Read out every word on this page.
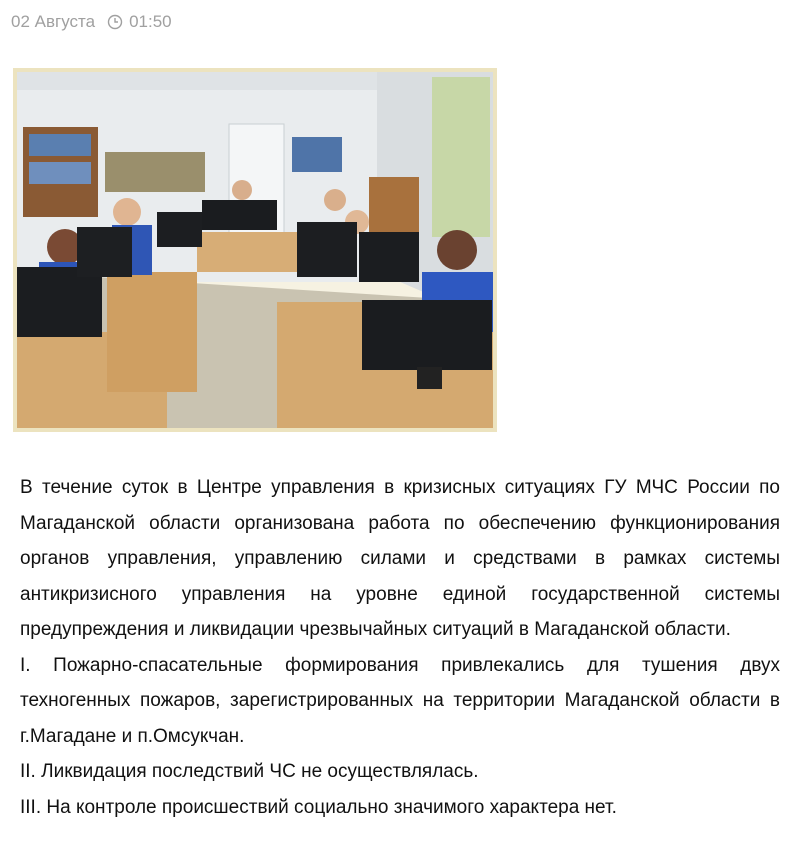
02 Августа 01:50

В течение суток в Центре управления в кризисных ситуациях ГУ МЧС России по Магаданской области организована работа по обеспечению функционирования органов управления, управлению силами и средствами в рамках системы антикризисного управления на уровне единой государственной системы предупреждения и ликвидации чрезвычайных ситуаций в Магаданской области.

I. Пожарно-спасательные формирования привлекались для тушения двух техногенных пожаров, зарегистрированных на территории Магаданской области в г.Магадане и п.Омсукчан.

II. Ликвидация последствий ЧС не осуществлялась.

III. На контроле происшествий социально значимого характера нет.
